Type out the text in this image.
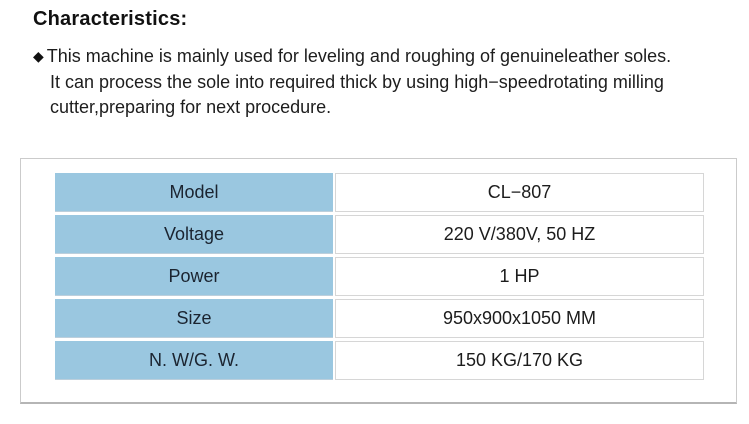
Characteristics:
◆ This machine is mainly used for leveling and roughing of genuineleather soles.
It can process the sole into required thick by using high−speedrotating milling
cutter,preparing for next procedure.
Model	CL−807
Voltage	220 V/380V, 50 HZ
Power	1 HP
Size	950x900x1050 MM
N. W/G. W.	150 KG/170 KG
